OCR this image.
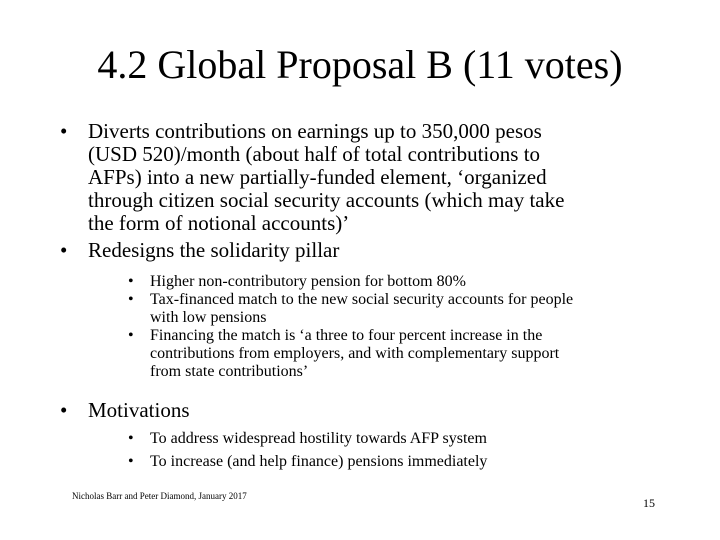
4.2 Global Proposal B (11 votes)
• Diverts contributions on earnings up to 350,000 pesos
(USD 520)/month (about half of total contributions to
AFPs) into a new partially-funded element, ‘organized
through citizen social security accounts (which may take
the form of notional accounts)’
• Redesigns the solidarity pillar
• Higher non-contributory pension for bottom 80%
• Tax-financed match to the new social security accounts for people
with low pensions
• Financing the match is ‘a three to four percent increase in the
contributions from employers, and with complementary support
from state contributions’
• Motivations
• To address widespread hostility towards AFP system
• To increase (and help finance) pensions immediately
Nicholas Barr and Peter Diamond, January 2017	15
